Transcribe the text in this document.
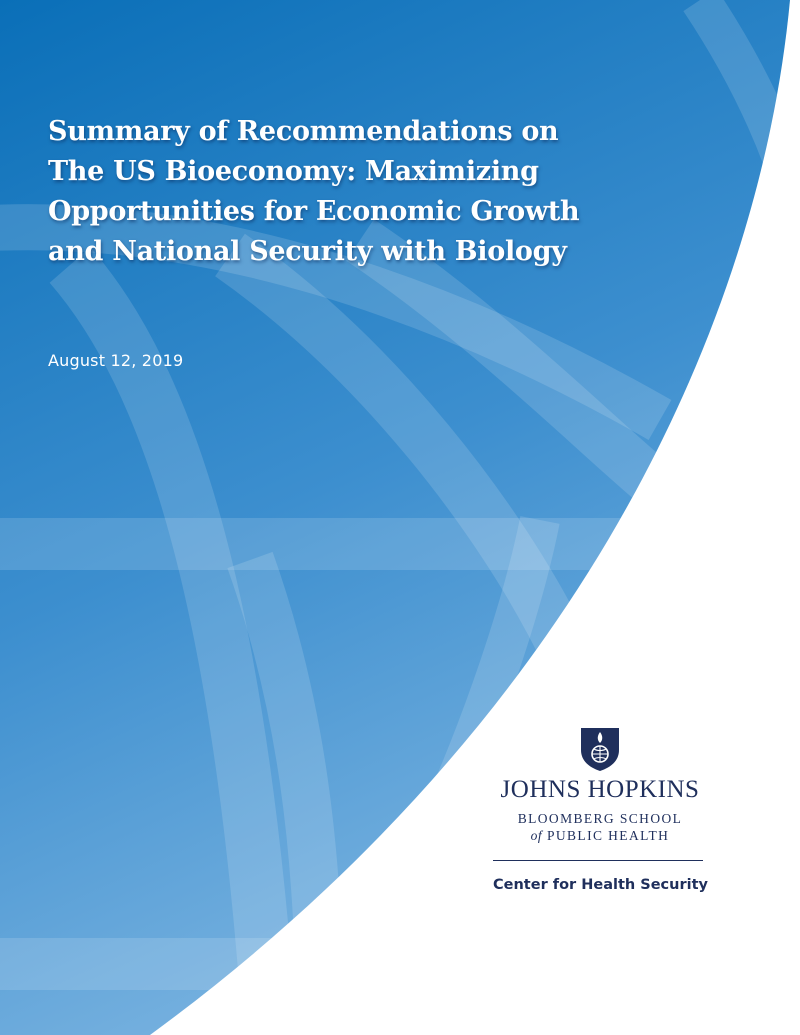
Summary of Recommendations on
The US Bioeconomy: Maximizing
Opportunities for Economic Growth
and National Security with Biology

August 12, 2019

JOHNS HOPKINS
BLOOMBERG SCHOOL
of PUBLIC HEALTH
Center for Health Security
